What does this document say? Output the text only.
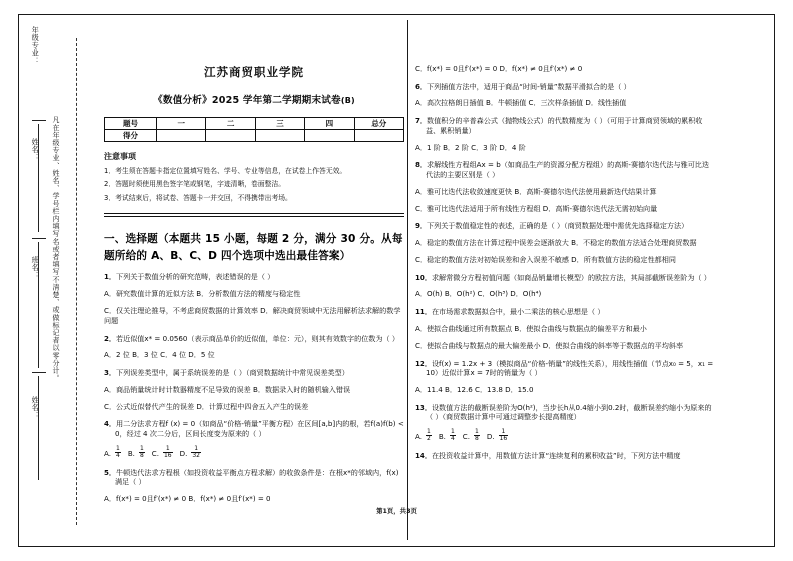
年级专业：
姓名：
班名：
姓名：
凡在年级专业、姓名、学号栏内填写名或者填写不清楚、或做标记者以零分计。
江苏商贸职业学院
《数值分析》2025 学年第二学期期末试卷(B)
题号	一	二	三	四	总分
得分					
注意事项
1．考生须在答题卡指定位置填写姓名、学号、专业等信息，在试卷上作答无效。
2．答题时须使用黑色签字笔或钢笔，字迹清晰，卷面整洁。
3．考试结束后，将试卷、答题卡一并交回，不得携带出考场。
一、选择题（本题共 15 小题，每题 2 分，满分 30 分。从每题所给的 A、B、C、D 四个选项中选出最佳答案）
1．下列关于数值分析的研究范畴，表述错误的是（ ）
A．研究数值计算的近似方法 B．分析数值方法的精度与稳定性
C．仅关注理论推导，不考虑商贸数据的计算效率 D．解决商贸领域中无法用解析法求解的数学问题
2．若近似值x* = 0.0560（表示商品单价的近似值，单位：元），则其有效数字的位数为（ ）
A．2 位 B．3 位 C．4 位 D．5 位
3．下列误差类型中，属于系统误差的是（ ）（商贸数据统计中常见误差类型）
A．商品销量统计时计数器精度不足导致的误差 B．数据录入时的随机输入错误
C．公式近似替代产生的误差 D．计算过程中四舍五入产生的误差
4．用二分法求方程f (x) = 0（如商品“价格-销量”平衡方程）在区间[a,b]内的根，若f(a)f(b) < 0，经过 4 次二分后，区间长度变为原来的（ ）
A. $\frac{1}{4} B$. $\frac{1}{8} C$. $\frac{1}{16} D$. $\frac{1}{32}$
5．牛顿迭代法求方程根（如投资收益平衡点方程求解）的收敛条件是：在根x*的邻域内，f(x)满足（ ）
A．f(x*) = 0且f′(x*) ≠ 0 B．f(x*) ≠ 0且f′(x*) = 0
C．f(x*) = 0且f′(x*) = 0 D．f(x*) ≠ 0且f′(x*) ≠ 0
6．下列插值方法中，适用于商品“时间-销量”数据平滑拟合的是（ ）
A．高次拉格朗日插值 B．牛顿插值 C．三次样条插值 D．线性插值
7．数值积分的辛普森公式（抛物线公式）的代数精度为（ ）（可用于计算商贸领域的累积收益、累积销量）
A．1 阶 B．2 阶 C．3 阶 D．4 阶
8．求解线性方程组Ax = b（如商品生产的资源分配方程组）的高斯-赛德尔迭代法与雅可比迭代法的主要区别是（ ）
A．雅可比迭代法收敛速度更快 B．高斯-赛德尔迭代法使用最新迭代结果计算
C．雅可比迭代法适用于所有线性方程组 D．高斯-赛德尔迭代法无需初始向量
9．下列关于数值稳定性的表述，正确的是（ ）（商贸数据处理中需优先选择稳定方法）
A．稳定的数值方法在计算过程中误差会逐渐放大 B．不稳定的数值方法适合处理商贸数据
C．稳定的数值方法对初始误差和舍入误差不敏感 D．所有数值方法的稳定性都相同
10．求解常微分方程初值问题（如商品销量增长模型）的欧拉方法，其局部截断误差阶为（ ）
A．O(h) B．O(h²) C．O(h³) D．O(h⁴)
11．在市场需求数据拟合中，最小二乘法的核心思想是（ ）
A．使拟合曲线通过所有数据点 B．使拟合曲线与数据点的偏差平方和最小
C．使拟合曲线与数据点的最大偏差最小 D．使拟合曲线的斜率等于数据点的平均斜率
12．设f(x) = 1.2x + 3（模拟商品“价格-销量”的线性关系），用线性插值（节点x₀ = 5，x₁ = 10）近似计算x = 7时的销量为（ ）
A．11.4 B．12.6 C．13.8 D．15.0
13．设数值方法的截断误差阶为O(h²)，当步长h从0.4缩小到0.2时，截断误差约缩小为原来的（ ）（商贸数据计算中可通过调整步长提高精度）
A. $\frac{1}{2} B$. $\frac{1}{4} C$. $\frac{1}{8} D$. $\frac{1}{16}$
14．在投资收益计算中，用数值方法计算“连续复利的累积收益”时，下列方法中精度
第1页，共3页
